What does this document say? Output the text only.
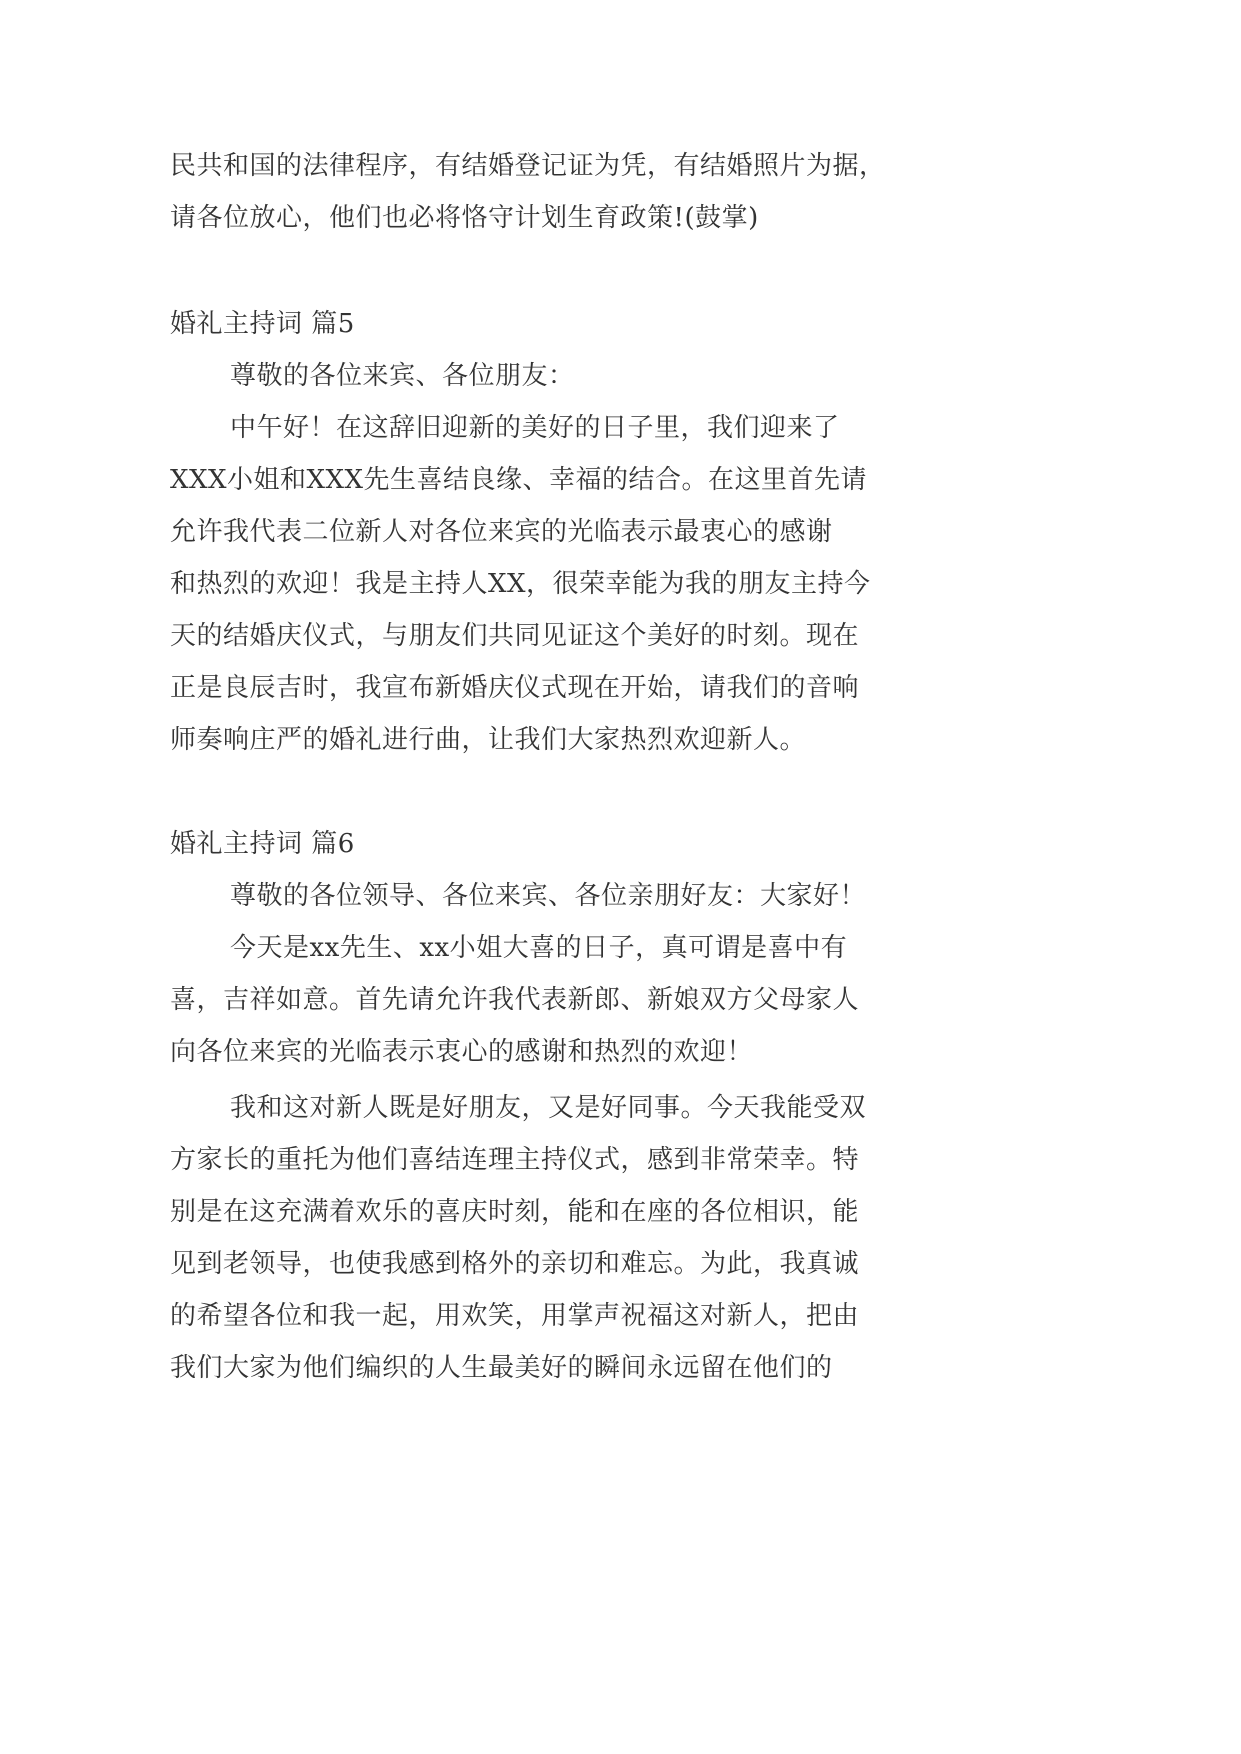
民共和国的法律程序，有结婚登记证为凭，有结婚照片为据，
请各位放心，他们也必将恪守计划生育政策!(鼓掌)
婚礼主持词 篇5
尊敬的各位来宾、各位朋友：
中午好！在这辞旧迎新的美好的日子里，我们迎来了
XXX小姐和XXX先生喜结良缘、幸福的结合。在这里首先请
允许我代表二位新人对各位来宾的光临表示最衷心的感谢
和热烈的欢迎！我是主持人XX，很荣幸能为我的朋友主持今
天的结婚庆仪式，与朋友们共同见证这个美好的时刻。现在
正是良辰吉时，我宣布新婚庆仪式现在开始，请我们的音响
师奏响庄严的婚礼进行曲，让我们大家热烈欢迎新人。
婚礼主持词 篇6
尊敬的各位领导、各位来宾、各位亲朋好友：大家好！
今天是xx先生、xx小姐大喜的日子，真可谓是喜中有
喜，吉祥如意。首先请允许我代表新郎、新娘双方父母家人
向各位来宾的光临表示衷心的感谢和热烈的欢迎！
我和这对新人既是好朋友，又是好同事。今天我能受双
方家长的重托为他们喜结连理主持仪式，感到非常荣幸。特
别是在这充满着欢乐的喜庆时刻，能和在座的各位相识，能
见到老领导，也使我感到格外的亲切和难忘。为此，我真诚
的希望各位和我一起，用欢笑，用掌声祝福这对新人，把由
我们大家为他们编织的人生最美好的瞬间永远留在他们的
